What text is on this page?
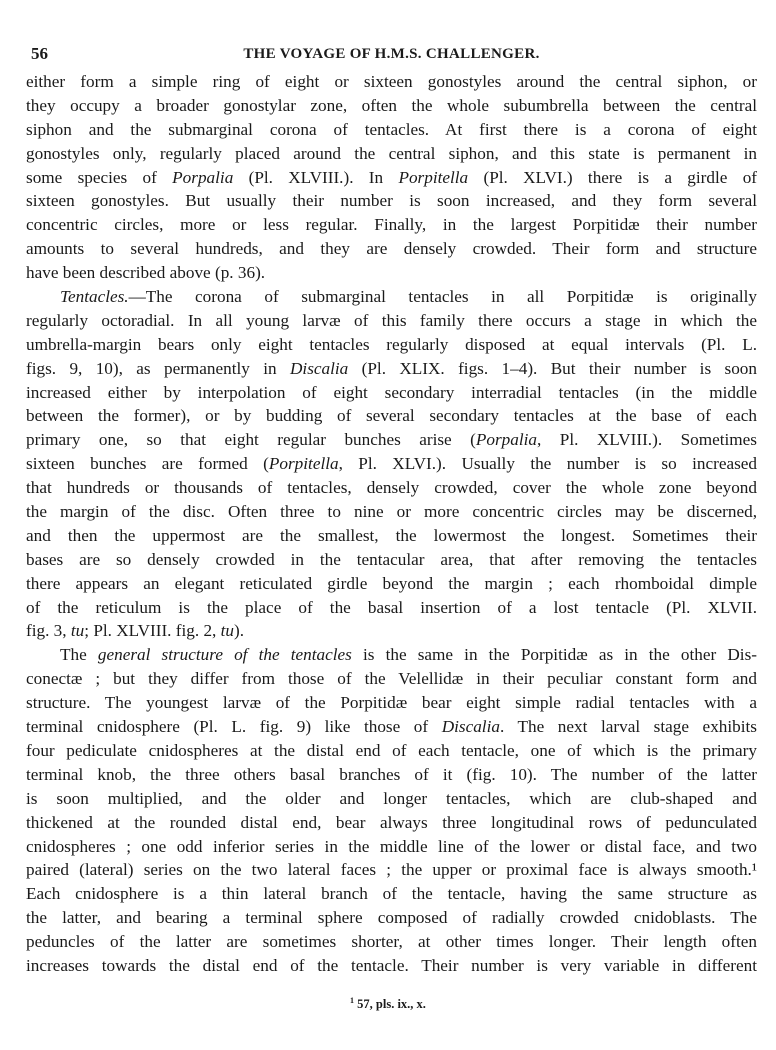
56	THE VOYAGE OF H.M.S. CHALLENGER.
either form a simple ring of eight or sixteen gonostyles around the central siphon, or
they occupy a broader gonostylar zone, often the whole subumbrella between the central
siphon and the submarginal corona of tentacles. At first there is a corona of eight
gonostyles only, regularly placed around the central siphon, and this state is permanent in
some species of Porpalia (Pl. XLVIII.). In Porpitella (Pl. XLVI.) there is a girdle of
sixteen gonostyles. But usually their number is soon increased, and they form several
concentric circles, more or less regular. Finally, in the largest Porpitidæ their number
amounts to several hundreds, and they are densely crowded. Their form and structure
have been described above (p. 36).
Tentacles.—The corona of submarginal tentacles in all Porpitidæ is originally
regularly octoradial. In all young larvæ of this family there occurs a stage in which the
umbrella-margin bears only eight tentacles regularly disposed at equal intervals (Pl. L.
figs. 9, 10), as permanently in Discalia (Pl. XLIX. figs. 1–4). But their number is soon
increased either by interpolation of eight secondary interradial tentacles (in the middle
between the former), or by budding of several secondary tentacles at the base of each
primary one, so that eight regular bunches arise (Porpalia, Pl. XLVIII.). Sometimes
sixteen bunches are formed (Porpitella, Pl. XLVI.). Usually the number is so increased
that hundreds or thousands of tentacles, densely crowded, cover the whole zone beyond
the margin of the disc. Often three to nine or more concentric circles may be discerned,
and then the uppermost are the smallest, the lowermost the longest. Sometimes their
bases are so densely crowded in the tentacular area, that after removing the tentacles
there appears an elegant reticulated girdle beyond the margin ; each rhomboidal dimple
of the reticulum is the place of the basal insertion of a lost tentacle (Pl. XLVII.
fig. 3, tu; Pl. XLVIII. fig. 2, tu).
The general structure of the tentacles is the same in the Porpitidæ as in the other Dis-
conectæ ; but they differ from those of the Velellidæ in their peculiar constant form and
structure. The youngest larvæ of the Porpitidæ bear eight simple radial tentacles with a
terminal cnidosphere (Pl. L. fig. 9) like those of Discalia. The next larval stage exhibits
four pediculate cnidospheres at the distal end of each tentacle, one of which is the primary
terminal knob, the three others basal branches of it (fig. 10). The number of the latter
is soon multiplied, and the older and longer tentacles, which are club-shaped and
thickened at the rounded distal end, bear always three longitudinal rows of pedunculated
cnidospheres ; one odd inferior series in the middle line of the lower or distal face, and two
paired (lateral) series on the two lateral faces ; the upper or proximal face is always smooth.¹
Each cnidosphere is a thin lateral branch of the tentacle, having the same structure as
the latter, and bearing a terminal sphere composed of radially crowded cnidoblasts. The
peduncles of the latter are sometimes shorter, at other times longer. Their length often
increases towards the distal end of the tentacle. Their number is very variable in different
$^1$ 57, pls. ix., x.
